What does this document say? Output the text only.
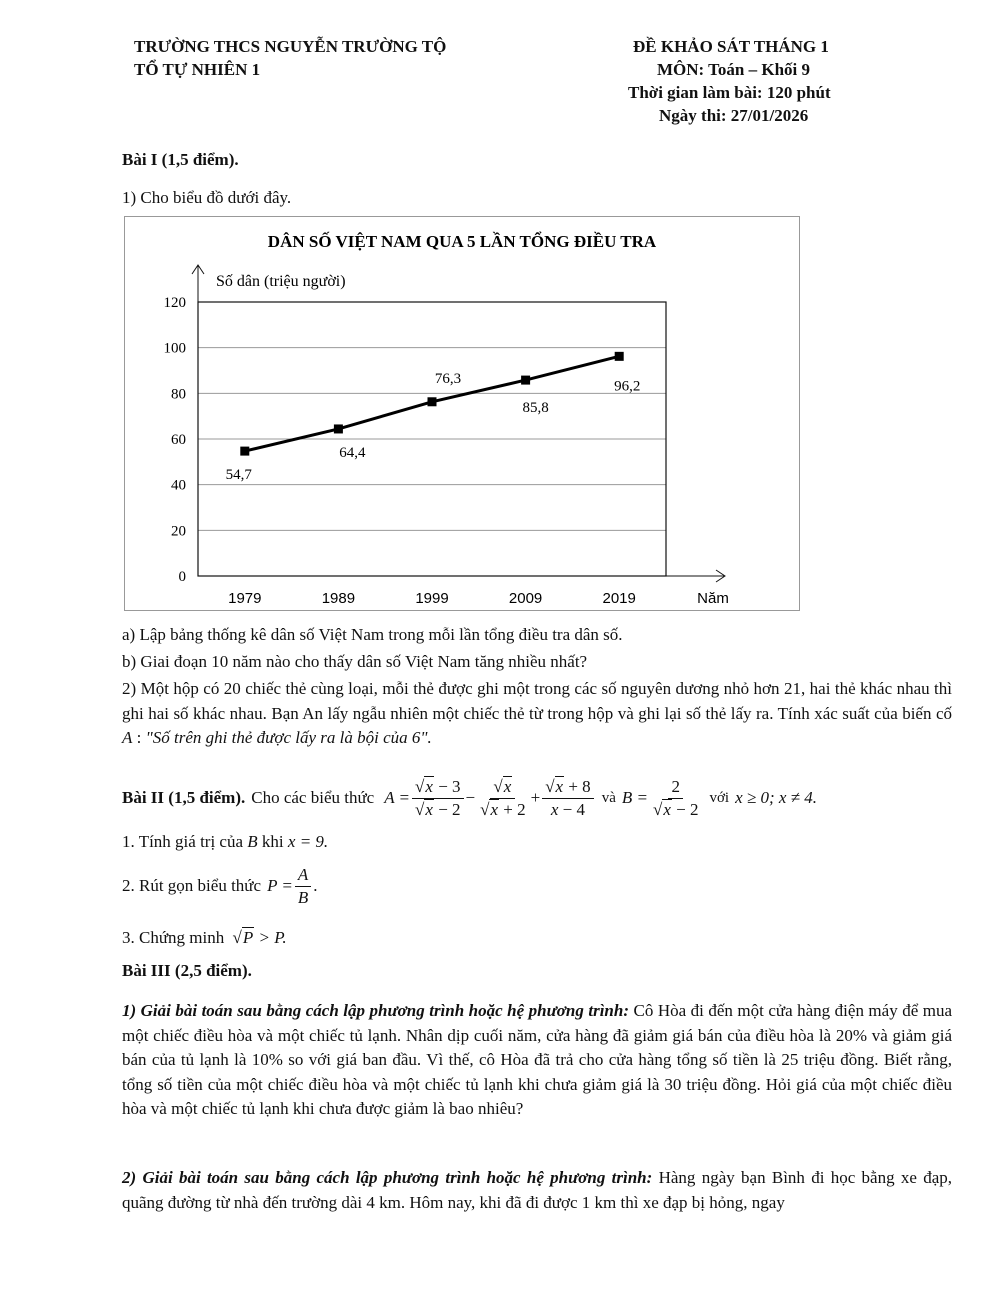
TRƯỜNG THCS NGUYỄN TRƯỜNG TỘ
TỔ TỰ NHIÊN 1
ĐỀ KHẢO SÁT THÁNG 1
MÔN: Toán – Khối 9
Thời gian làm bài: 120 phút
Ngày thi: 27/01/2026
Bài I (1,5 điểm).
1) Cho biểu đồ dưới đây.
DÂN SỐ VIỆT NAM QUA 5 LẦN TỔNG ĐIỀU TRA
Số dân (triệu người)
Năm
0
20
40
60
80
100
120
1979	1989	1999	2009	2019
54,7
64,4
76,3
85,8
96,2
a) Lập bảng thống kê dân số Việt Nam trong mỗi lần tổng điều tra dân số.
b) Giai đoạn 10 năm nào cho thấy dân số Việt Nam tăng nhiều nhất?
2) Một hộp có 20 chiếc thẻ cùng loại, mỗi thẻ được ghi một trong các số nguyên dương nhỏ hơn 21, hai thẻ khác nhau thì ghi hai số khác nhau. Bạn An lấy ngẫu nhiên một chiếc thẻ từ trong hộp và ghi lại số thẻ lấy ra. Tính xác suất của biến cố A : "Số trên ghi thẻ được lấy ra là bội của 6".
Bài II (1,5 điểm). Cho các biểu thức $A = \frac{√x - 3}{√x - 2} - \frac{√x}{√x + 2} + \frac{√x + 8}{x - 4}$ và $B = \frac{2}{√x - 2}$ với x ≥ 0; x ≠ 4.
1. Tính giá trị của B khi x = 9.
2. Rút gọn biểu thức $P = \frac{A}{B}$ .
3. Chứng minh √P > P.
Bài III (2,5 điểm).
1) Giải bài toán sau bằng cách lập phương trình hoặc hệ phương trình: Cô Hòa đi đến một cửa hàng điện máy để mua một chiếc điều hòa và một chiếc tủ lạnh. Nhân dịp cuối năm, cửa hàng đã giảm giá bán của điều hòa là 20% và giảm giá bán của tủ lạnh là 10% so với giá ban đầu. Vì thế, cô Hòa đã trả cho cửa hàng tổng số tiền là 25 triệu đồng. Biết rằng, tổng số tiền của một chiếc điều hòa và một chiếc tủ lạnh khi chưa giảm giá là 30 triệu đồng. Hỏi giá của một chiếc điều hòa và một chiếc tủ lạnh khi chưa được giảm là bao nhiêu?
2) Giải bài toán sau bằng cách lập phương trình hoặc hệ phương trình: Hàng ngày bạn Bình đi học bằng xe đạp, quãng đường từ nhà đến trường dài 4 km. Hôm nay, khi đã đi được 1 km thì xe đạp bị hỏng, ngay
